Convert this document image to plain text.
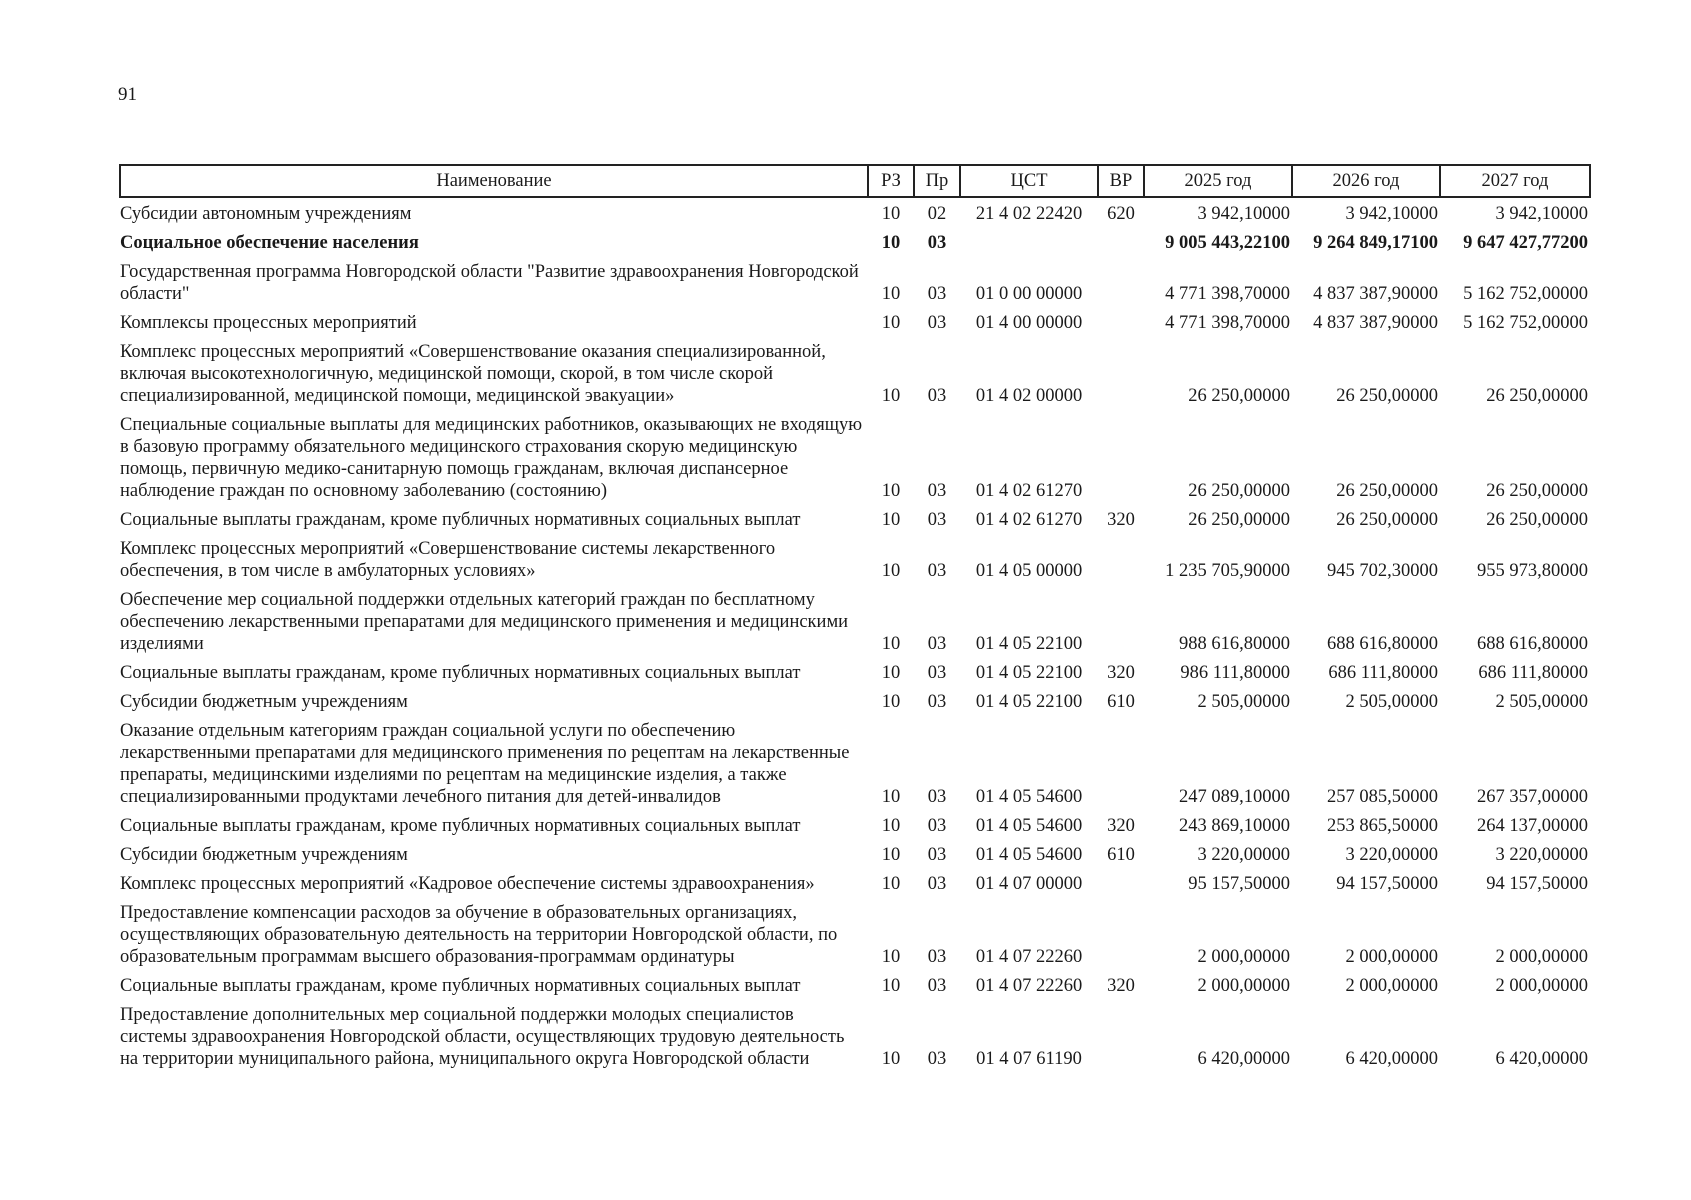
91
Наименование	РЗ	Пр	ЦСТ	ВР	2025 год	2026 год	2027 год
Субсидии автономным учреждениям	10	02	21 4 02 22420	620	3 942,10000	3 942,10000	3 942,10000
Социальное обеспечение населения	10	03			9 005 443,22100	9 264 849,17100	9 647 427,77200
Государственная программа Новгородской области "Развитие здравоохранения Новгородской области"	10	03	01 0 00 00000		4 771 398,70000	4 837 387,90000	5 162 752,00000
Комплексы процессных мероприятий	10	03	01 4 00 00000		4 771 398,70000	4 837 387,90000	5 162 752,00000
Комплекс процессных мероприятий «Совершенствование оказания специализированной, включая высокотехнологичную, медицинской помощи, скорой, в том числе скорой специализированной, медицинской помощи, медицинской эвакуации»	10	03	01 4 02 00000		26 250,00000	26 250,00000	26 250,00000
Специальные социальные выплаты для медицинских работников, оказывающих не входящую в базовую программу обязательного медицинского страхования скорую медицинскую помощь, первичную медико-санитарную помощь гражданам, включая диспансерное наблюдение граждан по основному заболеванию (состоянию)	10	03	01 4 02 61270		26 250,00000	26 250,00000	26 250,00000
Социальные выплаты гражданам, кроме публичных нормативных социальных выплат	10	03	01 4 02 61270	320	26 250,00000	26 250,00000	26 250,00000
Комплекс процессных мероприятий «Совершенствование системы лекарственного обеспечения, в том числе в амбулаторных условиях»	10	03	01 4 05 00000		1 235 705,90000	945 702,30000	955 973,80000
Обеспечение мер социальной поддержки отдельных категорий граждан по бесплатному обеспечению лекарственными препаратами для медицинского применения и медицинскими изделиями	10	03	01 4 05 22100		988 616,80000	688 616,80000	688 616,80000
Социальные выплаты гражданам, кроме публичных нормативных социальных выплат	10	03	01 4 05 22100	320	986 111,80000	686 111,80000	686 111,80000
Субсидии бюджетным учреждениям	10	03	01 4 05 22100	610	2 505,00000	2 505,00000	2 505,00000
Оказание отдельным категориям граждан социальной услуги по обеспечению лекарственными препаратами для медицинского применения по рецептам на лекарственные препараты, медицинскими изделиями по рецептам на медицинские изделия, а также специализированными продуктами лечебного питания для детей-инвалидов	10	03	01 4 05 54600		247 089,10000	257 085,50000	267 357,00000
Социальные выплаты гражданам, кроме публичных нормативных социальных выплат	10	03	01 4 05 54600	320	243 869,10000	253 865,50000	264 137,00000
Субсидии бюджетным учреждениям	10	03	01 4 05 54600	610	3 220,00000	3 220,00000	3 220,00000
Комплекс процессных мероприятий «Кадровое обеспечение системы здравоохранения»	10	03	01 4 07 00000		95 157,50000	94 157,50000	94 157,50000
Предоставление компенсации расходов за обучение в образовательных организациях, осуществляющих образовательную деятельность на территории Новгородской области, по образовательным программам высшего образования-программам ординатуры	10	03	01 4 07 22260		2 000,00000	2 000,00000	2 000,00000
Социальные выплаты гражданам, кроме публичных нормативных социальных выплат	10	03	01 4 07 22260	320	2 000,00000	2 000,00000	2 000,00000
Предоставление дополнительных мер социальной поддержки молодых специалистов системы здравоохранения Новгородской области, осуществляющих трудовую деятельность на территории муниципального района, муниципального округа Новгородской области	10	03	01 4 07 61190		6 420,00000	6 420,00000	6 420,00000
